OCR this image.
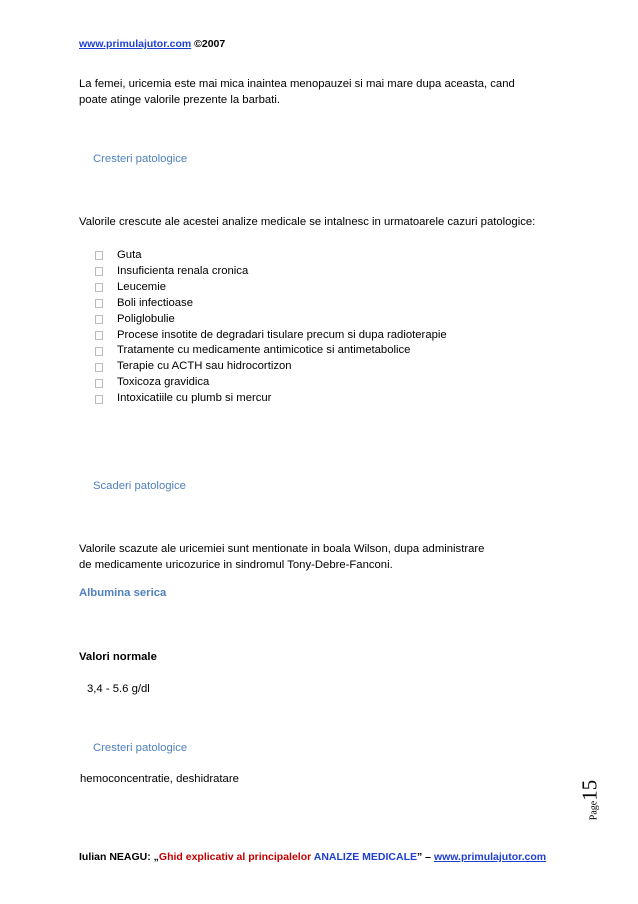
www.primulajutor.com ©2007
La femei, uricemia este mai mica inaintea menopauzei si mai mare dupa aceasta, cand
poate atinge valorile prezente la barbati.
Cresteri patologice
Valorile crescute ale acestei analize medicale se intalnesc in urmatoarele cazuri patologice:
Guta
Insuficienta renala cronica
Leucemie
Boli infectioase
Poliglobulie
Procese insotite de degradari tisulare precum si dupa radioterapie
Tratamente cu medicamente antimicotice si antimetabolice
Terapie cu ACTH sau hidrocortizon
Toxicoza gravidica
Intoxicatiile cu plumb si mercur
Scaderi patologice
Valorile scazute ale uricemiei sunt mentionate in boala Wilson, dupa administrare
de medicamente uricozurice in sindromul Tony-Debre-Fanconi.
Albumina serica
Valori normale
3,4 - 5.6 g/dl
Cresteri patologice
hemoconcentratie, deshidratare
Page15
Iulian NEAGU: „Ghid explicativ al principalelor ANALIZE MEDICALE” – www.primulajutor.com
